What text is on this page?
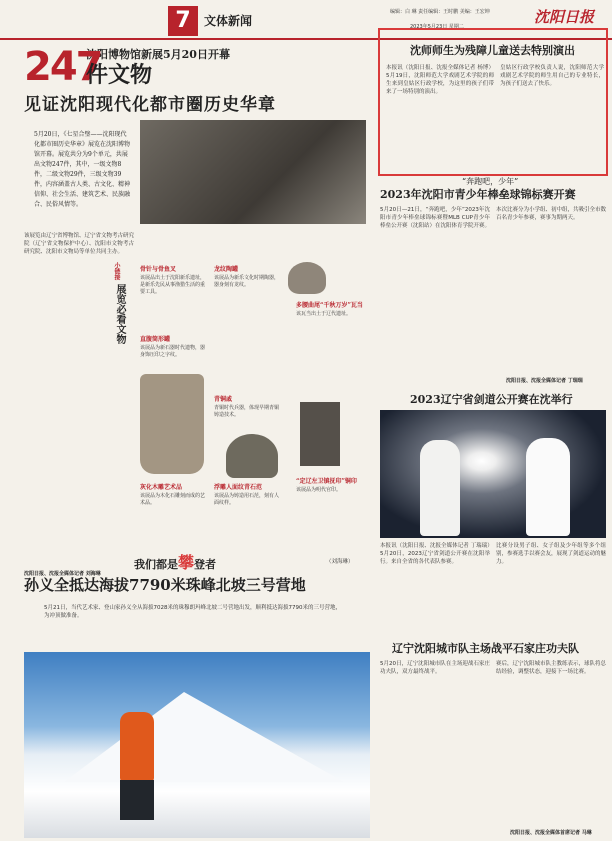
7	文体新闻
编辑：白 琳 责任编辑：王时鹏 美编：王宏坤
2023年5月23日 星期二
沈阳日报
沈阳博物馆新展5月20日开幕
247
件文物
见证沈阳现代化都市圈历史华章
5月20日，《七星合璧——沈阳现代化都市圈历史华章》展览在沈阳博物馆开幕。展览共分为9个单元，共展出文物247件，其中，一级文物8件，二级文物29件，三级文物39件，内容涵盖古人类、古文化、精神信仰、社会生活、建筑艺术、民族融合、民俗风情等。
该展览由辽宁省博物馆、辽宁省文物考古研究院（辽宁省文物保护中心）、沈阳市文物考古研究院、沈阳市文物局等单位共同主办。
沈阳日报、沈报全媒体记者 刘海琳
小链接
展览必看文物
骨针与骨鱼叉
该展品出土于沈阳新乐遗址，是新乐先民从事渔猎生活的重要工具。
龙纹陶罐
该展品为新乐文化时期陶器，器身刻有龙纹。
多腰曲尾“千秋万岁”瓦当
该瓦当出土于辽代遗址。
直腹筒形罐
该展品为新石器时代遗物，器身饰压印之字纹。
青铜戚
青铜时代兵器，体现早期青铜铸造技术。
灰化木雕艺术品
该展品为木化石雕刻而成的艺术品。
浮雕人面纹青石范
该展品为铸造用石范，刻有人面纹样。
“定辽左卫镇抚印”铜印
该展品为明代官印。
（刘海琳）
沈师师生为残障儿童送去特别演出
本报讯（沈阳日报、沈报全媒体记者 杨博）5月19日，沈阳师范大学戏剧艺术学院的师生来到皇姑区行政学校，为这里的孩子们带来了一场特别的演出。
皇姑区行政学校负责人说，沈阳师范大学戏剧艺术学院的师生用自己的专业特长，为孩子们送去了快乐。
“奔跑吧，少年”
2023年沈阳市青少年棒垒球锦标赛开赛
5月20日—21日，“奔跑吧，少年”2023年沈阳市青少年棒垒球锦标赛暨MLB CUP青少年棒垒公开赛（沈阳站）在沈阳体育学院开赛。
本次比赛分为小学组、初中组，共吸引全市数百名青少年参赛，赛事为期两天。
沈阳日报、沈报全媒体记者 丁瑞瑞
2023辽宁省剑道公开赛在沈举行
本报讯（沈阳日报、沈报全媒体记者 丁瑞瑞）5月20日，2023辽宁省剑道公开赛在沈阳举行。来自全省的各代表队参赛。
比赛分设男子组、女子组及少年组等多个组别，参赛选手以赛会友，展现了剑道运动的魅力。
辽宁沈阳城市队主场战平石家庄功夫队
5月20日，辽宁沈阳城市队在主场迎战石家庄功夫队，双方最终战平。
赛后，辽宁沈阳城市队主教练表示，球队将总结经验，调整状态，迎接下一场比赛。
沈阳日报、沈报全媒体首席记者 马琳
我们都是攀登者
孙义全抵达海拔7790米珠峰北坡三号营地
5月21日，当代艺术家、登山家孙义全从海拔7028米的珠穆朗玛峰北坡二号营地出发，顺利抵达海拔7790米的三号营地，为冲顶做准备。
